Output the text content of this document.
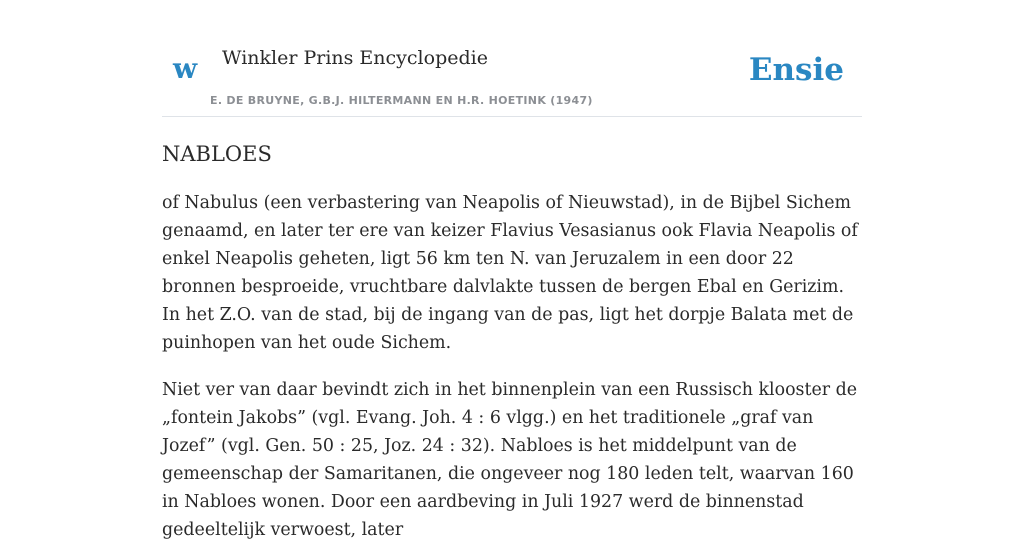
w Winkler Prins Encyclopedie
E. DE BRUYNE, G.B.J. HILTERMANN EN H.R. HOETINK (1947)
Ensie
NABLOES

of Nabulus (een verbastering van Neapolis of Nieuwstad), in de Bijbel Sichem genaamd, en later ter ere van keizer Flavius Vesasianus ook Flavia Neapolis of enkel Neapolis geheten, ligt 56 km ten N. van Jeruzalem in een door 22 bronnen besproeide, vruchtbare dalvlakte tussen de bergen Ebal en Gerizim. In het Z.O. van de stad, bij de ingang van de pas, ligt het dorpje Balata met de puinhopen van het oude Sichem.

Niet ver van daar bevindt zich in het binnenplein van een Russisch klooster de „fontein Jakobs” (vgl. Evang. Joh. 4 : 6 vlgg.) en het traditionele „graf van Jozef” (vgl. Gen. 50 : 25, Joz. 24 : 32). Nabloes is het middelpunt van de gemeenschap der Samaritanen, die ongeveer nog 180 leden telt, waarvan 160 in Nabloes wonen. Door een aardbeving in Juli 1927 werd de binnenstad gedeeltelijk verwoest, later
